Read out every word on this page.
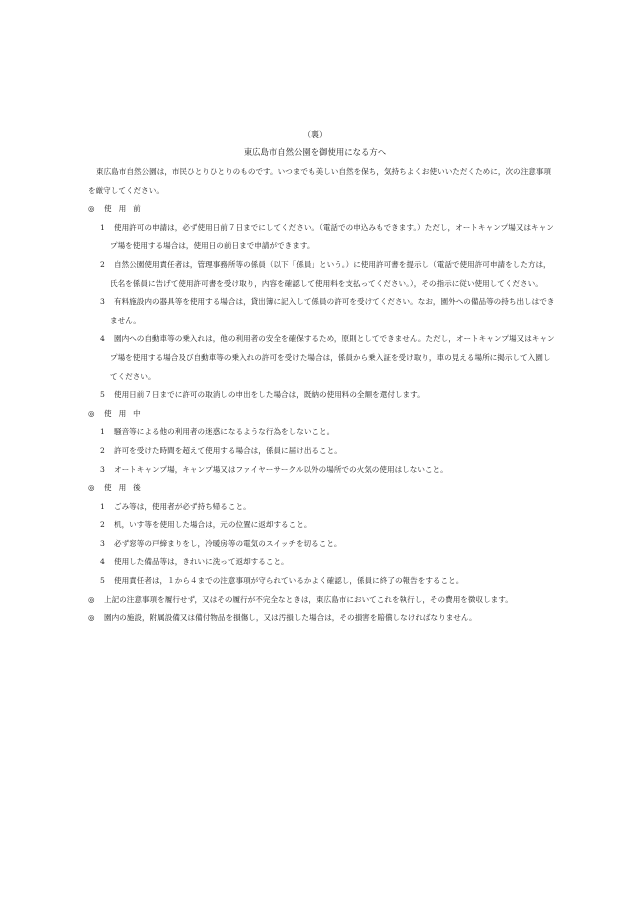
（裏）
東広島市自然公園を御使用になる方へ

東広島市自然公園は，市民ひとりひとりのものです。いつまでも美しい自然を保ち，気持ちよくお使いいただくために，次の注意事項を厳守してください。

◎ 使用前

1 使用許可の申請は，必ず使用日前７日までにしてください。（電話での申込みもできます。）ただし，オートキャンプ場又はキャンプ場を使用する場合は，使用日の前日まで申請ができます。

2 自然公園使用責任者は，管理事務所等の係員（以下「係員」という。）に使用許可書を提示し（電話で使用許可申請をした方は，氏名を係員に告げて使用許可書を受け取り，内容を確認して使用料を支払ってください。），その指示に従い使用してください。

3 有料施設内の器具等を使用する場合は，貸出簿に記入して係員の許可を受けてください。なお，園外への備品等の持ち出しはできません。

4 園内への自動車等の乗入れは，他の利用者の安全を確保するため，原則としてできません。ただし，オートキャンプ場又はキャンプ場を使用する場合及び自動車等の乗入れの許可を受けた場合は，係員から乗入証を受け取り，車の見える場所に掲示して入園してください。

5 使用日前７日までに許可の取消しの申出をした場合は，既納の使用料の全額を還付します。

◎ 使用中

1 騒音等による他の利用者の迷惑になるような行為をしないこと。

2 許可を受けた時間を超えて使用する場合は，係員に届け出ること。

3 オートキャンプ場，キャンプ場又はファイヤーサークル以外の場所での火気の使用はしないこと。

◎ 使用後

1 ごみ等は，使用者が必ず持ち帰ること。

2 机，いす等を使用した場合は，元の位置に返却すること。

3 必ず窓等の戸締まりをし，冷暖房等の電気のスイッチを切ること。

4 使用した備品等は，きれいに洗って返却すること。

5 使用責任者は，１から４までの注意事項が守られているかよく確認し，係員に終了の報告をすること。

◎ 上記の注意事項を履行せず，又はその履行が不完全なときは，東広島市においてこれを執行し，その費用を徴収します。

◎ 園内の施設，附属設備又は備付物品を損傷し，又は汚損した場合は，その損害を賠償しなければなりません。
